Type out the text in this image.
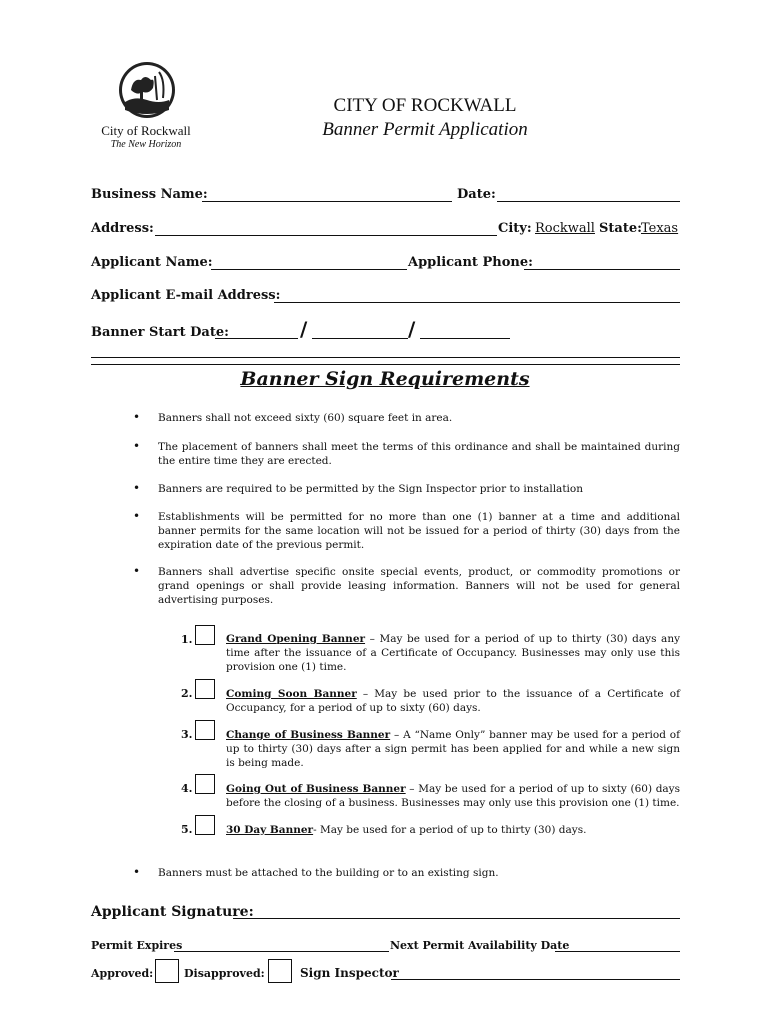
City of Rockwall
The New Horizon
CITY OF ROCKWALL
Banner Permit Application
Business Name:	Date:
Address:	City: Rockwall State: Texas
Applicant Name:	Applicant Phone:
Applicant E-mail Address:
Banner Start Date:	/	/
Banner Sign Requirements
• Banners shall not exceed sixty (60) square feet in area.
• The placement of banners shall meet the terms of this ordinance and shall be maintained during the entire time they are erected.
• Banners are required to be permitted by the Sign Inspector prior to installation
• Establishments will be permitted for no more than one (1) banner at a time and additional banner permits for the same location will not be issued for a period of thirty (30) days from the expiration date of the previous permit.
• Banners shall advertise specific onsite special events, product, or commodity promotions or grand openings or shall provide leasing information. Banners will not be used for general advertising purposes.
1.	Grand Opening Banner – May be used for a period of up to thirty (30) days any time after the issuance of a Certificate of Occupancy. Businesses may only use this provision one (1) time.
2.	Coming Soon Banner – May be used prior to the issuance of a Certificate of Occupancy, for a period of up to sixty (60) days.
3.	Change of Business Banner – A “Name Only” banner may be used for a period of up to thirty (30) days after a sign permit has been applied for and while a new sign is being made.
4.	Going Out of Business Banner – May be used for a period of up to sixty (60) days before the closing of a business. Businesses may only use this provision one (1) time.
5.	30 Day Banner- May be used for a period of up to thirty (30) days.
• Banners must be attached to the building or to an existing sign.
Applicant Signature:
Permit Expires	Next Permit Availability Date
Approved:	Disapproved:	Sign Inspector
